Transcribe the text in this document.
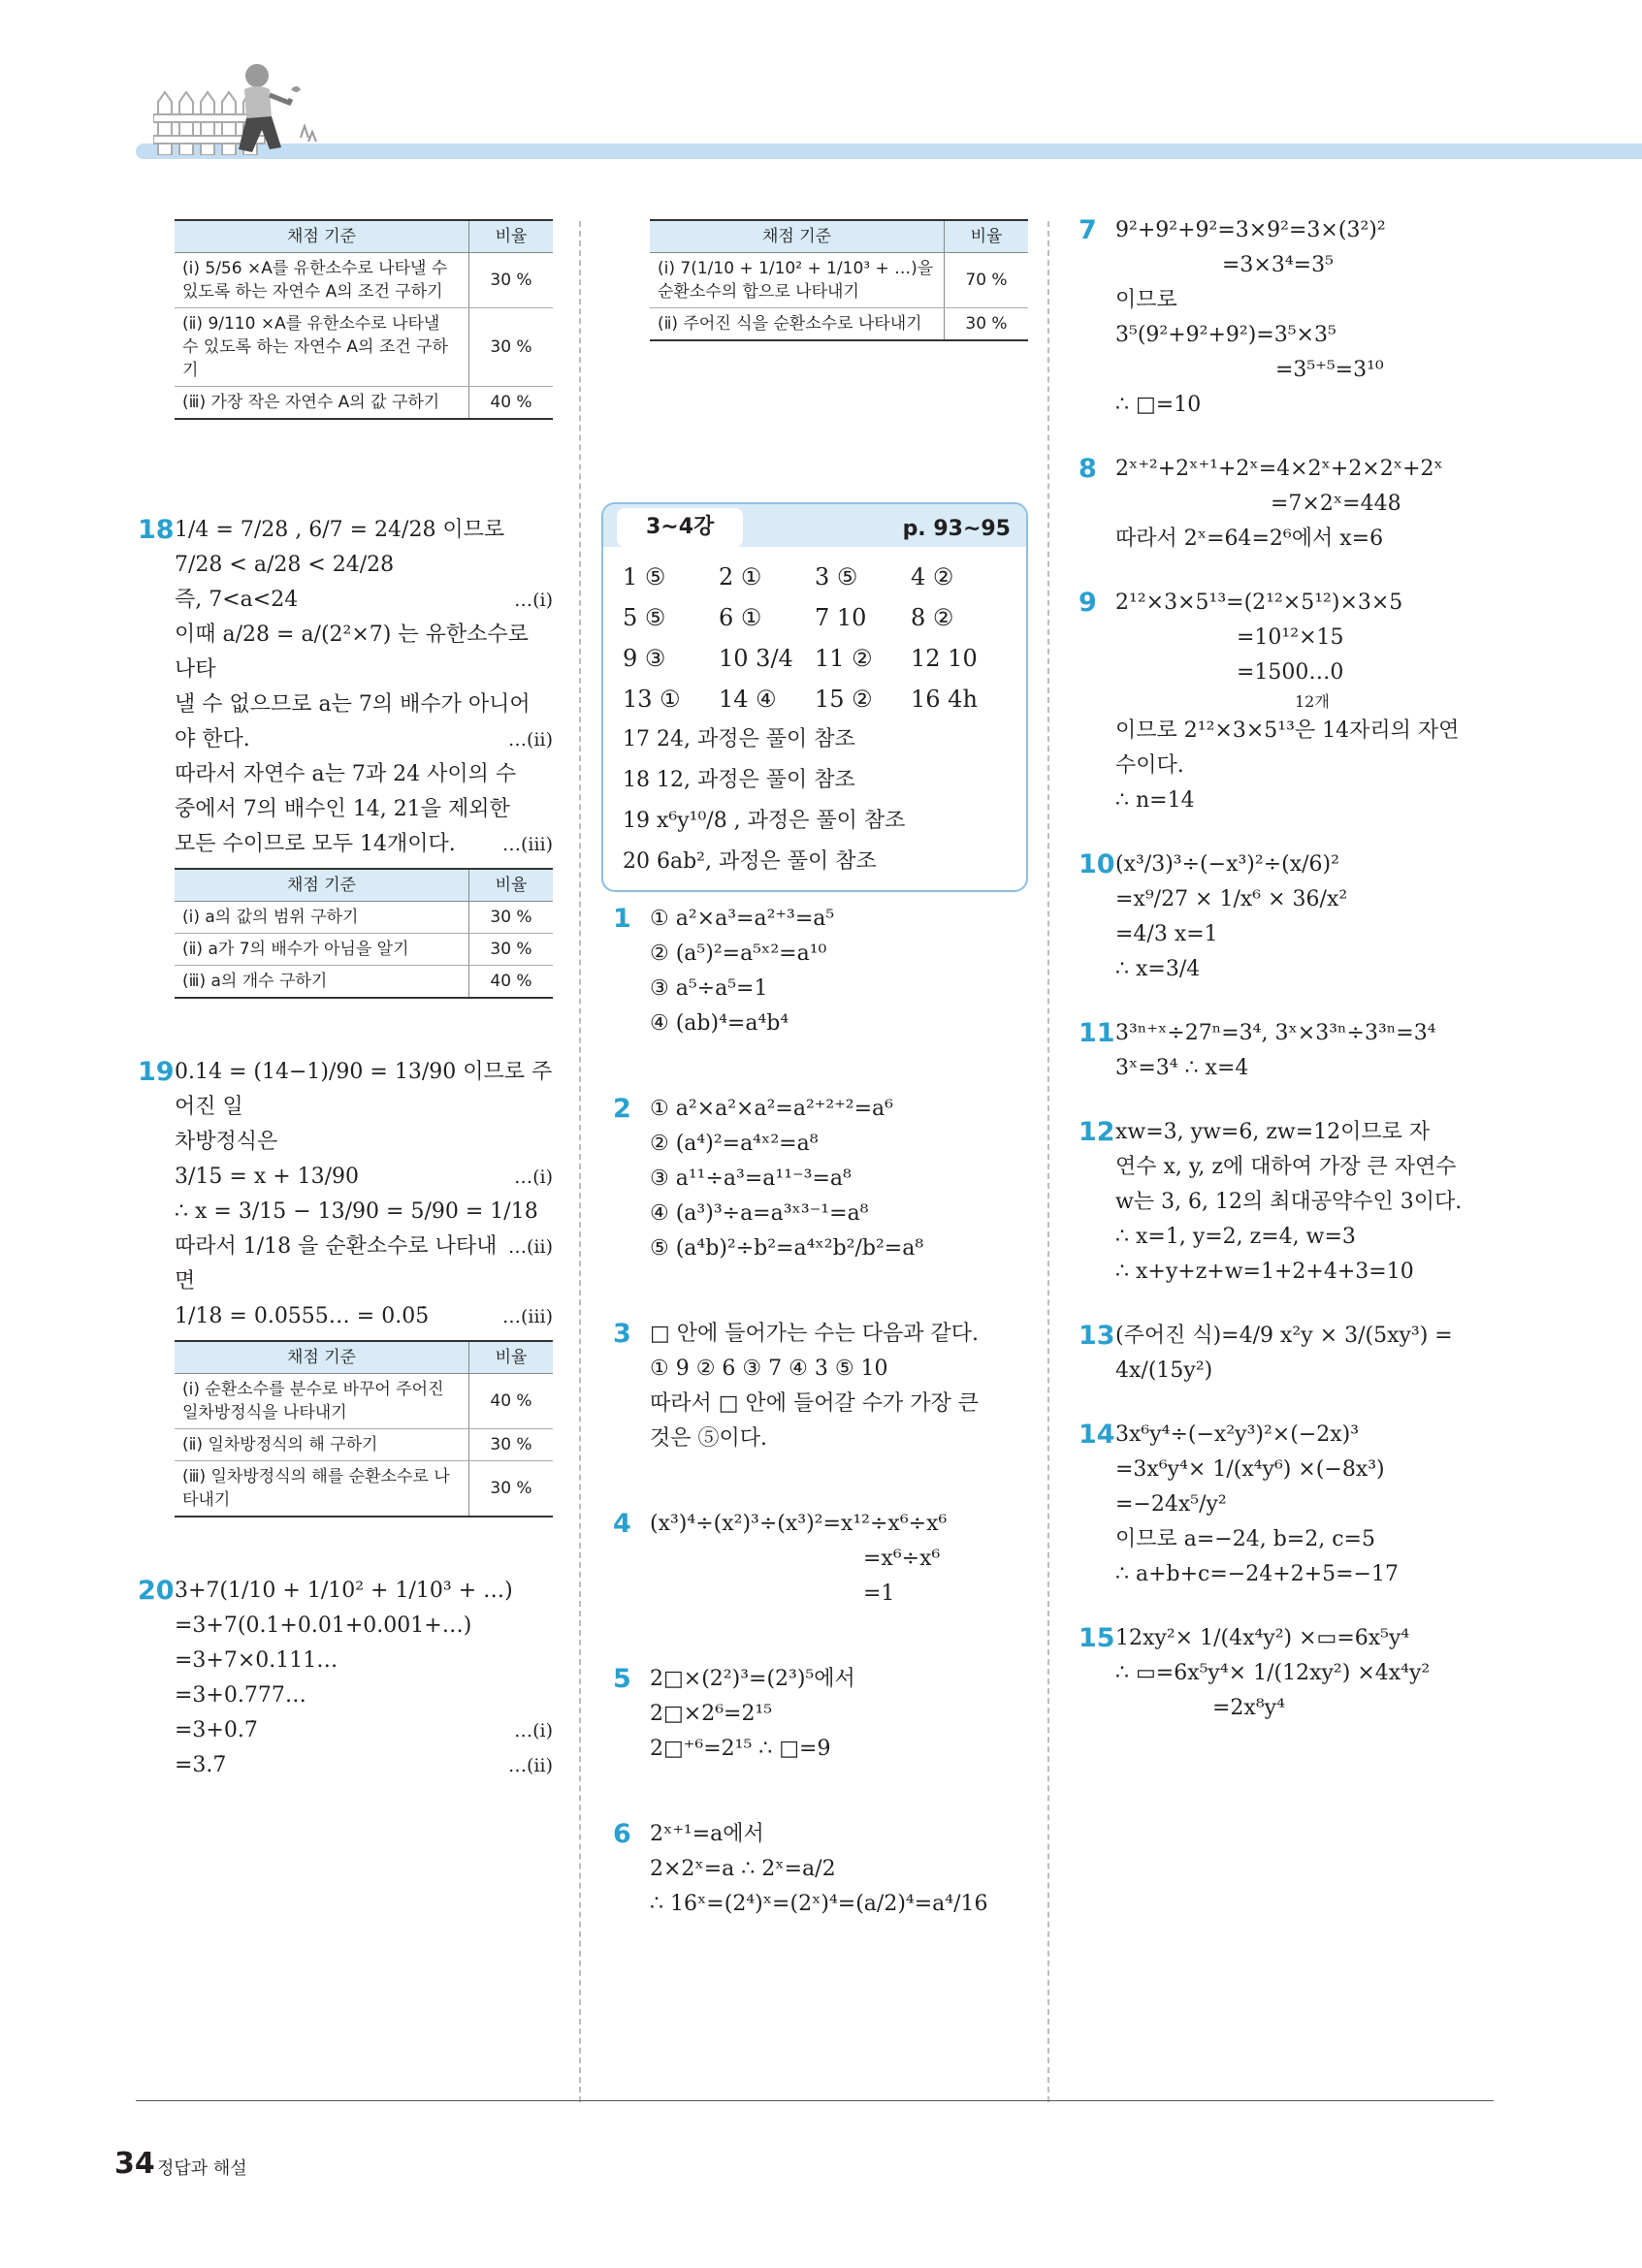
채점 기준	비율
(ⅰ) 5/56 ×A를 유한소수로 나타낼 수 있도록 하는 자연수 A의 조건 구하기	30 %
(ⅱ) 9/110 ×A를 유한소수로 나타낼 수 있도록 하는 자연수 A의 조건 구하기	30 %
(ⅲ) 가장 작은 자연수 A의 값 구하기	40 %
18 1/4 = 7/28 , 6/7 = 24/28 이므로

7/28 < a/28 < 24/28

즉, 7<a<24	…(ⅰ)

이때 a/28 = a/(2²×7) 는 유한소수로 나타

낼 수 없으므로 a는 7의 배수가 아니어

야 한다.	…(ⅱ)

따라서 자연수 a는 7과 24 사이의 수

중에서 7의 배수인 14, 21을 제외한

모든 수이므로 모두 14개이다.	…(ⅲ)

채점 기준	비율
(ⅰ) a의 값의 범위 구하기	30 %
(ⅱ) a가 7의 배수가 아님을 알기	30 %
(ⅲ) a의 개수 구하기	40 %
19 0.14̇ = (14−1)/90 = 13/90 이므로 주어진 일

차방정식은

3/15 = x + 13/90	…(ⅰ)

∴ x = 3/15 − 13/90 = 5/90 = 1/18
…(ⅱ)

따라서 1/18 을 순환소수로 나타내면

1/18 = 0.0555… = 0.05̇	…(ⅲ)

채점 기준	비율
(ⅰ) 순환소수를 분수로 바꾸어 주어진 일차방정식을 나타내기	40 %
(ⅱ) 일차방정식의 해 구하기	30 %
(ⅲ) 일차방정식의 해를 순환소수로 나타내기	30 %
20 3+7(1/10 + 1/10² + 1/10³ + …)

=3+7(0.1+0.01+0.001+…)

=3+7×0.111…

=3+0.777…

=3+0.7̇	…(ⅰ)

=3.7̇	…(ⅱ)

채점 기준	비율
(ⅰ) 7(1/10 + 1/10² + 1/10³ + …)을 순환소수의 합으로 나타내기	70 %
(ⅱ) 주어진 식을 순환소수로 나타내기	30 %
3~4강	p. 93~95
1 ⑤	2 ①	3 ⑤	4 ②
5 ⑤	6 ①	7 10	8 ②
9 ③	10 3/4 11 ②	12 10
13 ①	14 ④	15 ②	16 4h
17 24, 과정은 풀이 참조
18 12, 과정은 풀이 참조
19 x⁶y¹⁰/8 , 과정은 풀이 참조
20 6ab², 과정은 풀이 참조
1 ① a²×a³=a²⁺³=a⁵

② (a⁵)²=a⁵ˣ²=a¹⁰

③ a⁵÷a⁵=1

④ (ab)⁴=a⁴b⁴

2 ① a²×a²×a²=a²⁺²⁺²=a⁶

② (a⁴)²=a⁴ˣ²=a⁸

③ a¹¹÷a³=a¹¹⁻³=a⁸

④ (a³)³÷a=a³ˣ³⁻¹=a⁸

⑤ (a⁴b)²÷b²=a⁴ˣ²b²/b²=a⁸

3 □ 안에 들어가는 수는 다음과 같다.

① 9 ② 6 ③ 7 ④ 3 ⑤ 10

따라서 □ 안에 들어갈 수가 가장 큰

것은 ⑤이다.

4 (x³)⁴÷(x²)³÷(x³)²=x¹²÷x⁶÷x⁶

=x⁶÷x⁶

=1

5 2□×(2²)³=(2³)⁵에서

2□×2⁶=2¹⁵

2□⁺⁶=2¹⁵ ∴ □=9

6 2ˣ⁺¹=a에서

2×2ˣ=a ∴ 2ˣ=a/2

∴ 16ˣ=(2⁴)ˣ=(2ˣ)⁴=(a/2)⁴=a⁴/16

7 9²+9²+9²=3×9²=3×(3²)²

=3×3⁴=3⁵

이므로

3⁵(9²+9²+9²)=3⁵×3⁵

=3⁵⁺⁵=3¹⁰

∴ □=10

8 2ˣ⁺²+2ˣ⁺¹+2ˣ=4×2ˣ+2×2ˣ+2ˣ

=7×2ˣ=448

따라서 2ˣ=64=2⁶에서 x=6

9 2¹²×3×5¹³=(2¹²×5¹²)×3×5

=10¹²×15

=1500…0

12개

이므로 2¹²×3×5¹³은 14자리의 자연

수이다.

∴ n=14

10 (x³/3)³÷(−x³)²÷(x/6)²

=x⁹/27 × 1/x⁶ × 36/x²

=4/3 x=1

∴ x=3/4

11 3³ⁿ⁺ˣ÷27ⁿ=3⁴, 3ˣ×3³ⁿ÷3³ⁿ=3⁴

3ˣ=3⁴ ∴ x=4

12 xw=3, yw=6, zw=12이므로 자

연수 x, y, z에 대하여 가장 큰 자연수

w는 3, 6, 12의 최대공약수인 3이다.

∴ x=1, y=2, z=4, w=3

∴ x+y+z+w=1+2+4+3=10

13 (주어진 식)=4/9 x²y × 3/(5xy³) = 4x/(15y²)

14 3x⁶y⁴÷(−x²y³)²×(−2x)³

=3x⁶y⁴× 1/(x⁴y⁶) ×(−8x³)

=−24x⁵/y²

이므로 a=−24, b=2, c=5

∴ a+b+c=−24+2+5=−17

15 12xy²× 1/(4x⁴y²) ×▭=6x⁵y⁴

∴ ▭=6x⁵y⁴× 1/(12xy²) ×4x⁴y²

=2x⁸y⁴

34 정답과 해설
